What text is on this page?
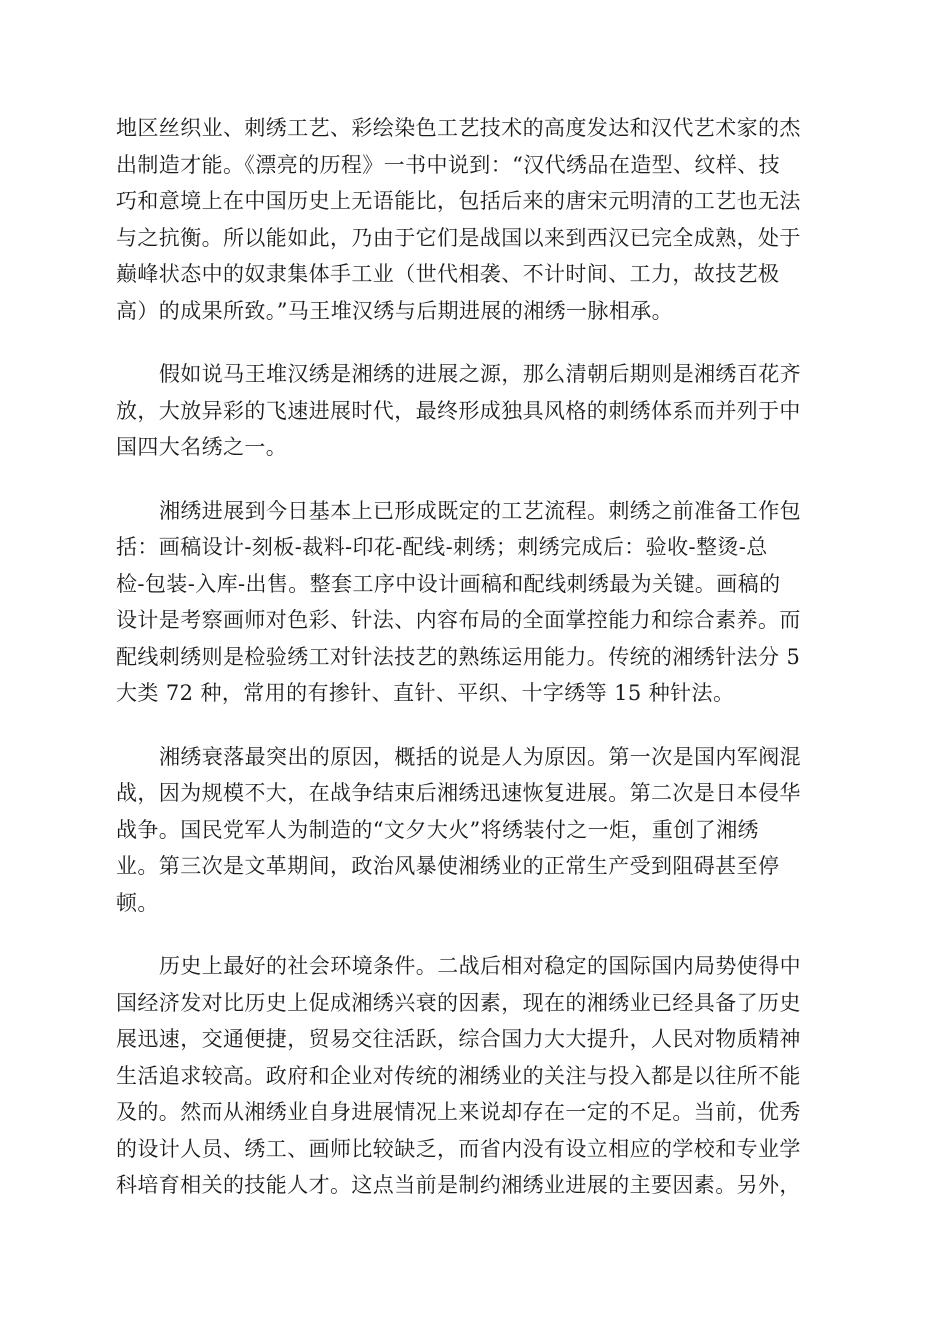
地区丝织业、刺绣工艺、彩绘染色工艺技术的高度发达和汉代艺术家的杰
出制造才能。《漂亮的历程》一书中说到：“汉代绣品在造型、纹样、技
巧和意境上在中国历史上无语能比，包括后来的唐宋元明清的工艺也无法
与之抗衡。所以能如此，乃由于它们是战国以来到西汉已完全成熟，处于
巅峰状态中的奴隶集体手工业（世代相袭、不计时间、工力，故技艺极
高）的成果所致。”马王堆汉绣与后期进展的湘绣一脉相承。

假如说马王堆汉绣是湘绣的进展之源，那么清朝后期则是湘绣百花齐
放，大放异彩的飞速进展时代，最终形成独具风格的刺绣体系而并列于中
国四大名绣之一。

湘绣进展到今日基本上已形成既定的工艺流程。刺绣之前准备工作包
括：画稿设计-刻板-裁料-印花-配线-刺绣；刺绣完成后：验收-整烫-总
检-包装-入库-出售。整套工序中设计画稿和配线刺绣最为关键。画稿的
设计是考察画师对色彩、针法、内容布局的全面掌控能力和综合素养。而
配线刺绣则是检验绣工对针法技艺的熟练运用能力。传统的湘绣针法分 5
大类 72 种，常用的有掺针、直针、平织、十字绣等 15 种针法。

湘绣衰落最突出的原因，概括的说是人为原因。第一次是国内军阀混
战，因为规模不大，在战争结束后湘绣迅速恢复进展。第二次是日本侵华
战争。国民党军人为制造的“文夕大火”将绣装付之一炬，重创了湘绣
业。第三次是文革期间，政治风暴使湘绣业的正常生产受到阻碍甚至停
顿。

历史上最好的社会环境条件。二战后相对稳定的国际国内局势使得中
国经济发对比历史上促成湘绣兴衰的因素，现在的湘绣业已经具备了历史
展迅速，交通便捷，贸易交往活跃，综合国力大大提升，人民对物质精神
生活追求较高。政府和企业对传统的湘绣业的关注与投入都是以往所不能
及的。然而从湘绣业自身进展情况上来说却存在一定的不足。当前，优秀
的设计人员、绣工、画师比较缺乏，而省内没有设立相应的学校和专业学
科培育相关的技能人才。这点当前是制约湘绣业进展的主要因素。另外，
